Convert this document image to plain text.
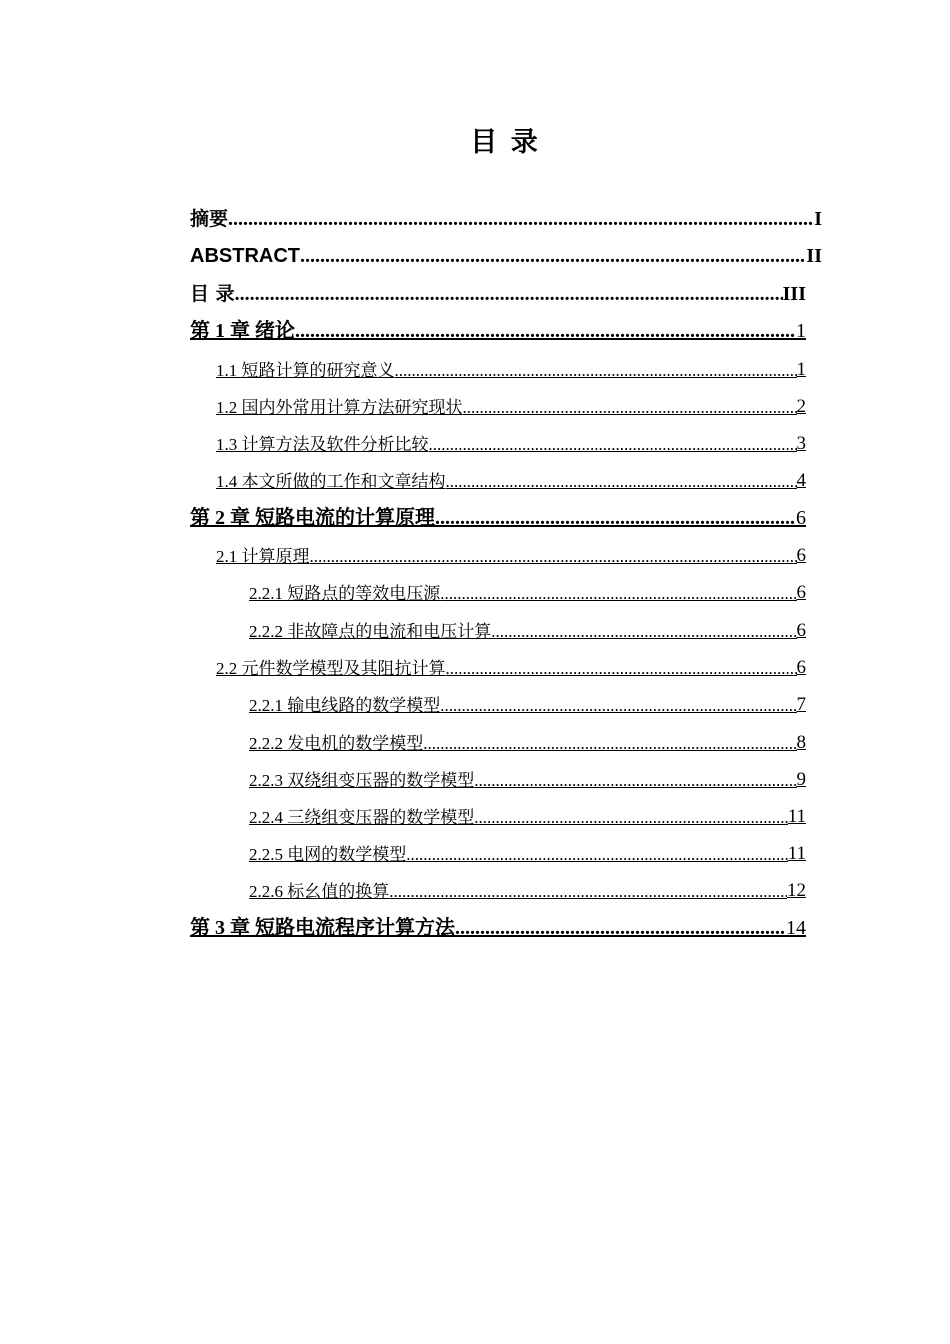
目 录
摘要 .....	I
ABSTRACT .....	II
目 录 .....	III
第 1 章 绪论 .....	1
1.1 短路计算的研究意义 .....	1
1.2 国内外常用计算方法研究现状 .....	2
1.3 计算方法及软件分析比较 .....	3
1.4 本文所做的工作和文章结构 .....	4
第 2 章 短路电流的计算原理 .....	6
2.1 计算原理 .....	6
2.2.1 短路点的等效电压源 .....	6
2.2.2 非故障点的电流和电压计算 .....	6
2.2 元件数学模型及其阻抗计算 .....	6
2.2.1 输电线路的数学模型 .....	7
2.2.2 发电机的数学模型 .....	8
2.2.3 双绕组变压器的数学模型 .....	9
2.2.4 三绕组变压器的数学模型 .....	11
2.2.5 电网的数学模型 .....	11
2.2.6 标幺值的换算 .....	12
第 3 章 短路电流程序计算方法 .....	14
